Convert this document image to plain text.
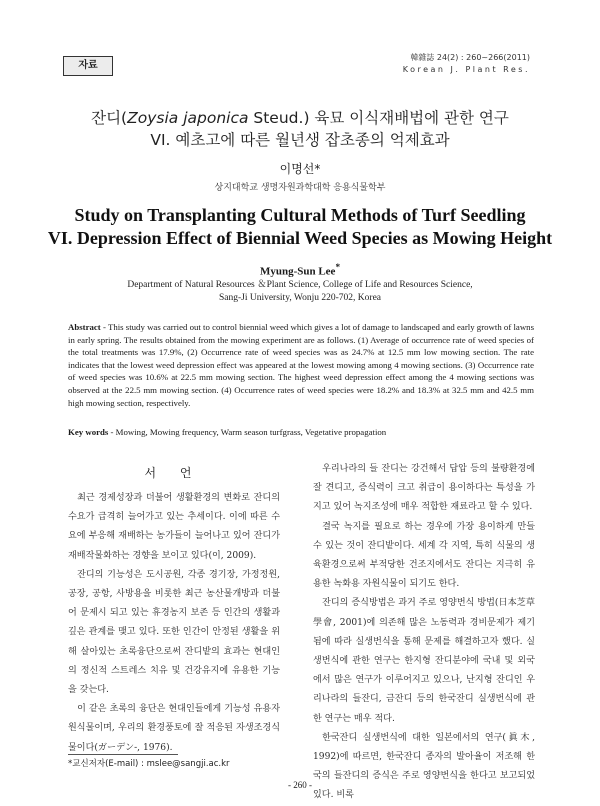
자료
韓雜誌 24(2) : 260~266(2011)
Korean J. Plant Res.
잔디(Zoysia japonica Steud.) 육묘 이식재배법에 관한 연구
VI. 예초고에 따른 월년생 잡초종의 억제효과
이명선*
상지대학교 생명자원과학대학 응용식물학부
Study on Transplanting Cultural Methods of Turf Seedling
VI. Depression Effect of Biennial Weed Species as Mowing Height
Myung-Sun Lee*
Department of Natural Resources ＆Plant Science, College of Life and Resources Science,
Sang-Ji University, Wonju 220-702, Korea
Abstract - This study was carried out to control biennial weed which gives a lot of damage to landscaped and early growth of lawns in early spring. The results obtained from the mowing experiment are as follows. (1) Average of occurrence rate of weed species of the total treatments was 17.9%, (2) Occurrence rate of weed species was as 24.7% at 12.5 mm low mowing section. The rate indicates that the lowest weed depression effect was appeared at the lowest mowing among 4 mowing sections. (3) Occurrence rate of weed species was 10.6% at 22.5 mm mowing section. The highest weed depression effect among the 4 mowing sections was observed at the 22.5 mm mowing section. (4) Occurrence rates of weed species were 18.2% and 18.3% at 32.5 mm and 42.5 mm high mowing section, respectively.
Key words - Mowing, Mowing frequency, Warm season turfgrass, Vegetative propagation
서 언

최근 경제성장과 더불어 생활환경의 변화로 잔디의 수요가 급격히 늘어가고 있는 추세이다. 이에 따른 수요에 부응해 재배하는 농가들이 늘어나고 있어 잔디가 재배작물화하는 경향을 보이고 있다(이, 2009).

잔디의 기능성은 도시공원, 각종 경기장, 가정정원, 공장, 공항, 사방용을 비롯한 최근 농산물개방과 더불어 문제시 되고 있는 휴경농지 보존 등 인간의 생활과 깊은 관계를 맺고 있다. 또한 인간이 안정된 생활을 위해 살아있는 초록융단으로써 잔디밭의 효과는 현대인의 정신적 스트레스 치유 및 건강유지에 유용한 기능을 갖는다.

이 같은 초록의 융단은 현대인들에게 기능성 유용자원식물이며, 우리의 환경풍토에 잘 적응된 자생조경식물이다(ガーデン-, 1976).

우리나라의 들 잔디는 강건해서 답압 등의 불량환경에 잘 견디고, 증식력이 크고 취급이 용이하다는 특성을 가지고 있어 녹지조성에 매우 적합한 재료라고 할 수 있다.

결국 녹지를 필요로 하는 경우에 가장 용이하게 만들 수 있는 것이 잔디밭이다. 세계 각 지역, 특히 식물의 생육환경으로써 부적당한 건조지에서도 잔디는 지극히 유용한 녹화용 자원식물이 되기도 한다.

잔디의 증식방법은 과거 주로 영양번식 방법(日本芝草學會, 2001)에 의존해 많은 노동력과 경비문제가 제기됨에 따라 실생번식을 통해 문제를 해결하고자 했다. 실생번식에 관한 연구는 한지형 잔디분야에 국내 및 외국에서 많은 연구가 이루어지고 있으나, 난지형 잔디인 우리나라의 들잔디, 금잔디 등의 한국잔디 실생번식에 관한 연구는 매우 적다.

한국잔디 실생번식에 대한 일본에서의 연구(眞木, 1992)에 따르면, 한국잔디 종자의 발아율이 저조해 한국의 들잔디의 증식은 주로 영양번식을 한다고 보고되었있다. 비록

*교신저자(E-mail) : mslee@sangji.ac.kr
- 260 -
